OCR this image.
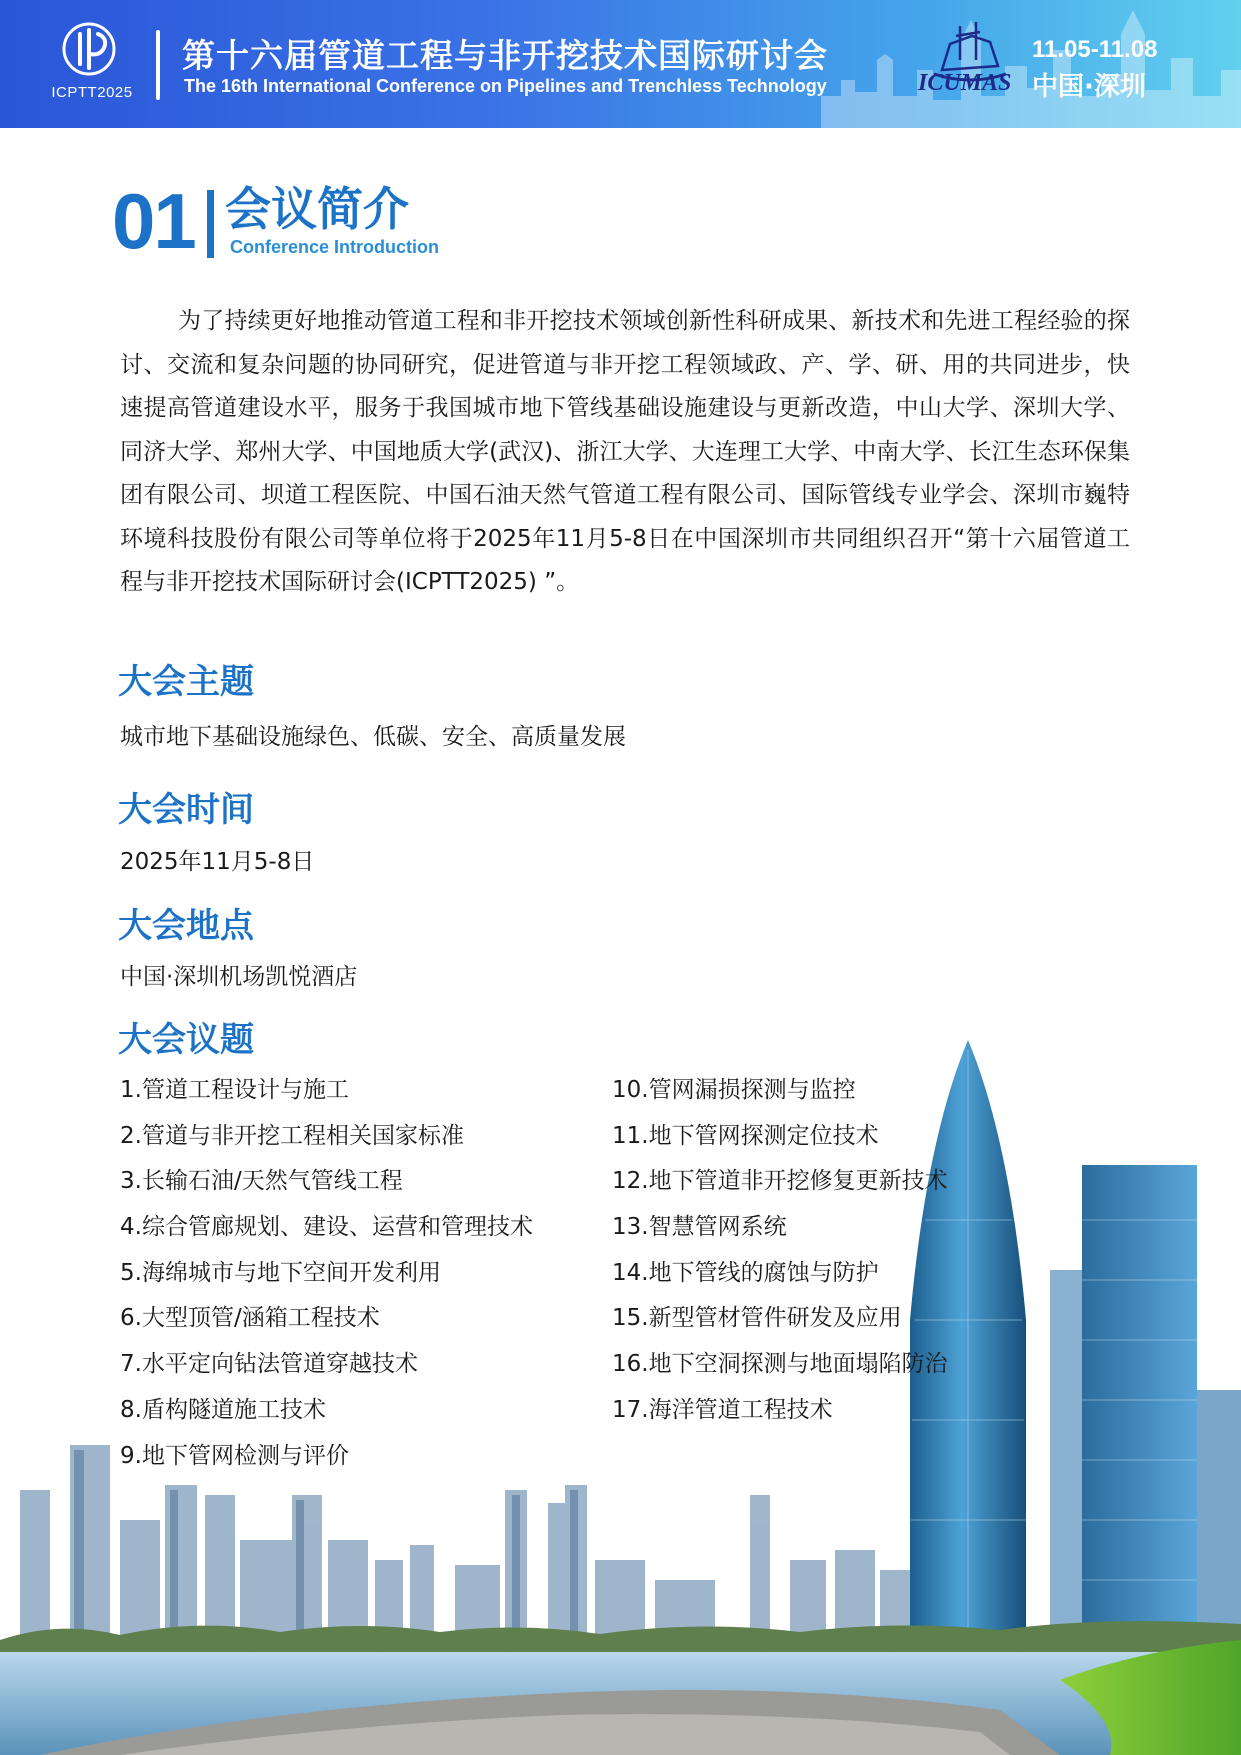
ICPTT2025
第十六届管道工程与非开挖技术国际研讨会
The 16th International Conference on Pipelines and Trenchless Technology	ICUMAS
11.05-11.08
中国·深圳
01 会议简介
Conference Introduction

为了持续更好地推动管道工程和非开挖技术领域创新性科研成果、新技术和先进工程经验的探讨、交流和复杂问题的协同研究，促进管道与非开挖工程领域政、产、学、研、用的共同进步，快速提高管道建设水平，服务于我国城市地下管线基础设施建设与更新改造，中山大学、深圳大学、同济大学、郑州大学、中国地质大学(武汉)、浙江大学、大连理工大学、中南大学、长江生态环保集团有限公司、坝道工程医院、中国石油天然气管道工程有限公司、国际管线专业学会、深圳市巍特环境科技股份有限公司等单位将于2025年11月5-8日在中国深圳市共同组织召开“第十六届管道工程与非开挖技术国际研讨会(ICPTT2025) ”。

大会主题
城市地下基础设施绿色、低碳、安全、高质量发展
大会时间
2025年11月5-8日
大会地点
中国·深圳机场凯悦酒店
大会议题
1.管道工程设计与施工
2.管道与非开挖工程相关国家标准
3.长输石油/天然气管线工程
4.综合管廊规划、建设、运营和管理技术
5.海绵城市与地下空间开发利用
6.大型顶管/涵箱工程技术
7.水平定向钻法管道穿越技术
8.盾构隧道施工技术
9.地下管网检测与评价
10.管网漏损探测与监控
11.地下管网探测定位技术
12.地下管道非开挖修复更新技术
13.智慧管网系统
14.地下管线的腐蚀与防护
15.新型管材管件研发及应用
16.地下空洞探测与地面塌陷防治
17.海洋管道工程技术
